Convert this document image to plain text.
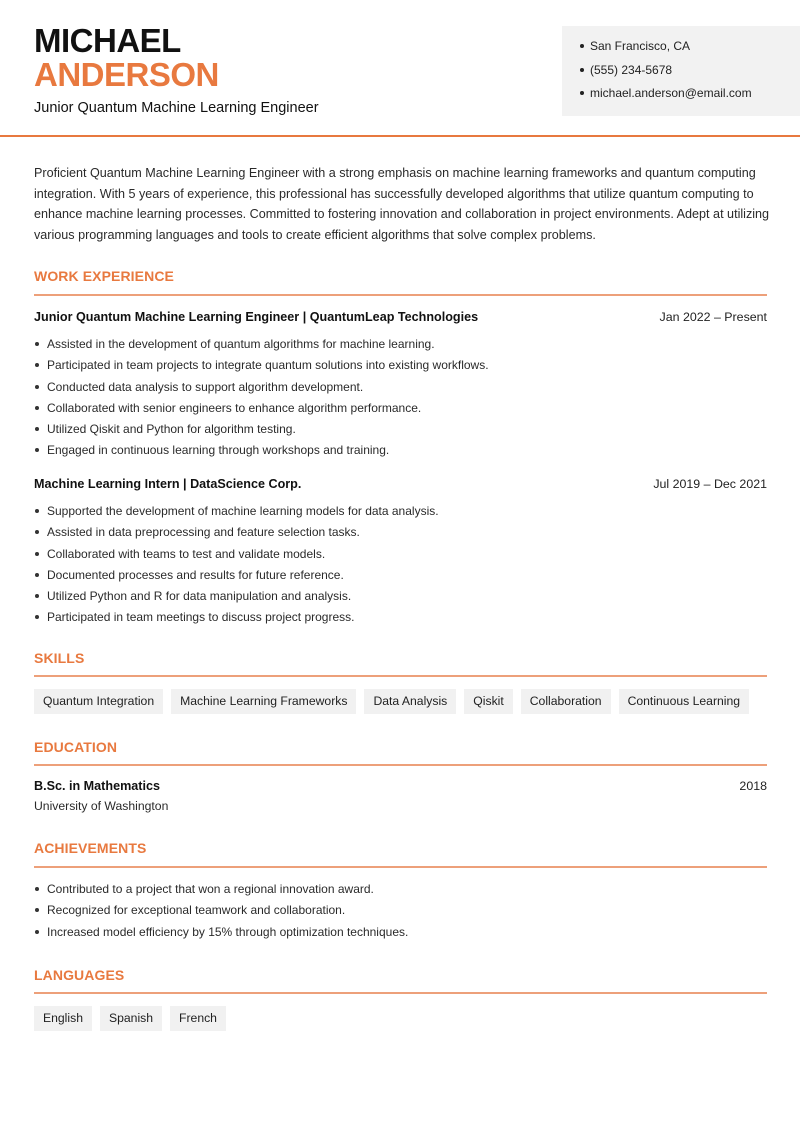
MICHAEL
ANDERSON
Junior Quantum Machine Learning Engineer
San Francisco, CA
(555) 234-5678
michael.anderson@email.com

Proficient Quantum Machine Learning Engineer with a strong emphasis on machine learning frameworks and quantum computing integration. With 5 years of experience, this professional has successfully developed algorithms that utilize quantum computing to enhance machine learning processes. Committed to fostering innovation and collaboration in project environments. Adept at utilizing various programming languages and tools to create efficient algorithms that solve complex problems.

WORK EXPERIENCE
Junior Quantum Machine Learning Engineer | QuantumLeap Technologies	Jan 2022 – Present
Assisted in the development of quantum algorithms for machine learning.
Participated in team projects to integrate quantum solutions into existing workflows.
Conducted data analysis to support algorithm development.
Collaborated with senior engineers to enhance algorithm performance.
Utilized Qiskit and Python for algorithm testing.
Engaged in continuous learning through workshops and training.
Machine Learning Intern | DataScience Corp.	Jul 2019 – Dec 2021
Supported the development of machine learning models for data analysis.
Assisted in data preprocessing and feature selection tasks.
Collaborated with teams to test and validate models.
Documented processes and results for future reference.
Utilized Python and R for data manipulation and analysis.
Participated in team meetings to discuss project progress.
SKILLS
Quantum Integration	Machine Learning Frameworks	Data Analysis	Qiskit	Collaboration	Continuous Learning
EDUCATION
B.Sc. in Mathematics	2018
University of Washington
ACHIEVEMENTS
Contributed to a project that won a regional innovation award.
Recognized for exceptional teamwork and collaboration.
Increased model efficiency by 15% through optimization techniques.
LANGUAGES
English	Spanish	French
